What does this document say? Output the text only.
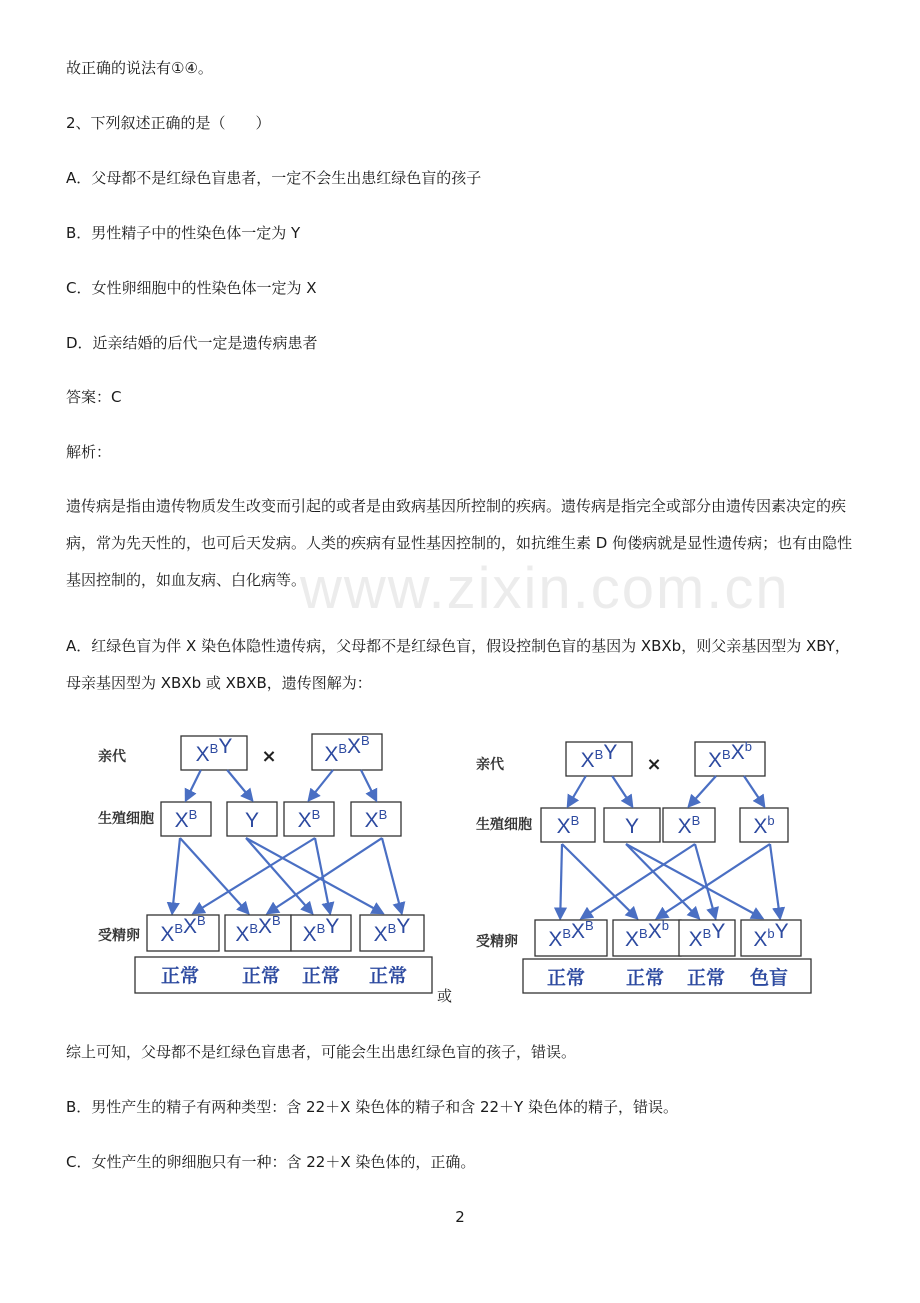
www.zixin.com.cn
故正确的说法有①④。
2、下列叙述正确的是（　　）
A．父母都不是红绿色盲患者，一定不会生出患红绿色盲的孩子
B．男性精子中的性染色体一定为 Y
C．女性卵细胞中的性染色体一定为 X
D．近亲结婚的后代一定是遗传病患者
答案：C
解析：
遗传病是指由遗传物质发生改变而引起的或者是由致病基因所控制的疾病。遗传病是指完全或部分由遗传因素决定的疾病，常为先天性的，也可后天发病。人类的疾病有显性基因控制的，如抗维生素 D 佝偻病就是显性遗传病；也有由隐性基因控制的，如血友病、白化病等。
A．红绿色盲为伴 X 染色体隐性遗传病，父母都不是红绿色盲，假设控制色盲的基因为 XBXb，则父亲基因型为 XBY，母亲基因型为 XBXb 或 XBXB，遗传图解为：
亲代
生殖细胞
受精卵
$X^BY$	$X^BX^B$
×
$X^B$ Y $X^B$ $X^B$
$X^BX^B$
$X^BX^B$
$X^BY$ $X^BY$
正常 正常 正常 正常
亲代
生殖细胞
受精卵
$X^BY$	$X^BX^b$
×
$X^B$ Y $X^B$	$X^b$
$X^BX^B$
$X^BX^b$
$X^BY$ $X^bY$
正常 正常 正常 色盲
或
综上可知，父母都不是红绿色盲患者，可能会生出患红绿色盲的孩子，错误。
B．男性产生的精子有两种类型：含 22＋X 染色体的精子和含 22＋Y 染色体的精子，错误。
C．女性产生的卵细胞只有一种：含 22＋X 染色体的，正确。
2
